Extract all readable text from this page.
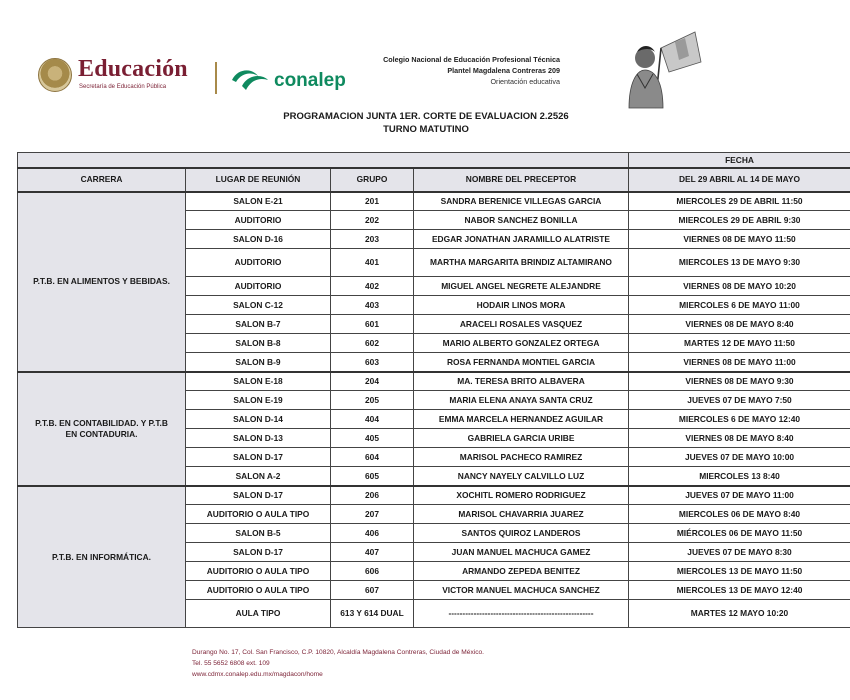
Educación
Secretaría de Educación Pública	conalep
Colegio Nacional de Educación Profesional Técnica
Plantel Magdalena Contreras 209
Orientación educativa
PROGRAMACION JUNTA 1ER. CORTE DE EVALUACION 2.2526
TURNO MATUTINO
				FECHA
CARRERA	LUGAR DE REUNIÓN	GRUPO	NOMBRE DEL PRECEPTOR	DEL 29 ABRIL AL 14 DE MAYO
P.T.B. EN ALIMENTOS Y BEBIDAS.	SALON E-21	201	SANDRA BERENICE VILLEGAS GARCIA	MIERCOLES 29 DE ABRIL 11:50
	AUDITORIO	202	NABOR SANCHEZ BONILLA	MIERCOLES 29 DE ABRIL 9:30
	SALON D-16	203	EDGAR JONATHAN JARAMILLO ALATRISTE	VIERNES 08 DE MAYO 11:50
	AUDITORIO	401	MARTHA MARGARITA BRINDIZ ALTAMIRANO	MIERCOLES 13 DE MAYO 9:30
	AUDITORIO	402	MIGUEL ANGEL NEGRETE ALEJANDRE	VIERNES 08 DE MAYO 10:20
	SALON C-12	403	HODAIR LINOS MORA	MIERCOLES 6 DE MAYO 11:00
	SALON B-7	601	ARACELI ROSALES VASQUEZ	VIERNES 08 DE MAYO 8:40
	SALON B-8	602	MARIO ALBERTO GONZALEZ ORTEGA	MARTES 12 DE MAYO 11:50
	SALON B-9	603	ROSA FERNANDA MONTIEL GARCIA	VIERNES 08 DE MAYO 11:00
P.T.B. EN CONTABILIDAD. Y P.T.B EN CONTADURIA.	SALON E-18	204	MA. TERESA BRITO ALBAVERA	VIERNES 08 DE MAYO 9:30
	SALON E-19	205	MARIA ELENA ANAYA SANTA CRUZ	JUEVES 07 DE MAYO 7:50
	SALON D-14	404	EMMA MARCELA HERNANDEZ AGUILAR	MIERCOLES 6 DE MAYO 12:40
	SALON D-13	405	GABRIELA GARCIA URIBE	VIERNES 08 DE MAYO 8:40
	SALON D-17	604	MARISOL PACHECO RAMIREZ	JUEVES 07 DE MAYO 10:00
	SALON A-2	605	NANCY NAYELY CALVILLO LUZ	MIERCOLES 13 8:40
P.T.B. EN INFORMÁTICA.	SALON D-17	206	XOCHITL ROMERO RODRIGUEZ	JUEVES 07 DE MAYO 11:00
	AUDITORIO O AULA TIPO	207	MARISOL CHAVARRIA JUAREZ	MIERCOLES 06 DE MAYO 8:40
	SALON B-5	406	SANTOS QUIROZ LANDEROS	MIÉRCOLES 06 DE MAYO 11:50
	SALON D-17	407	JUAN MANUEL MACHUCA GAMEZ	JUEVES 07 DE MAYO 8:30
	AUDITORIO O AULA TIPO	606	ARMANDO ZEPEDA BENITEZ	MIERCOLES 13 DE MAYO 11:50
	AUDITORIO O AULA TIPO	607	VICTOR MANUEL MACHUCA SANCHEZ	MIERCOLES 13 DE MAYO 12:40
	AULA TIPO	613 Y 614 DUAL	----------------------------------------------------	MARTES 12 MAYO 10:20
Durango No. 17, Col. San Francisco, C.P. 10820, Alcaldía Magdalena Contreras, Ciudad de México.
Tel. 55 5652 6808 ext. 109
www.cdmx.conalep.edu.mx/magdacon/home
